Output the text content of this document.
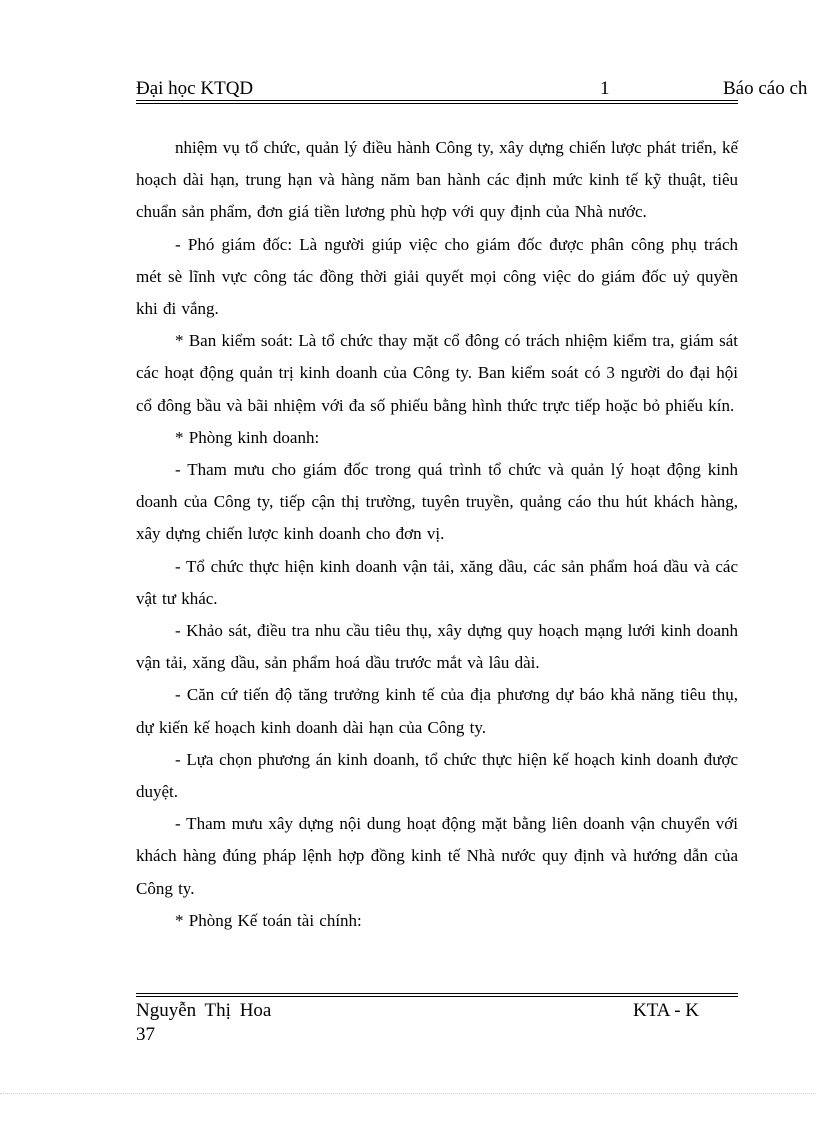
Đại học KTQD	1	Báo cáo ch

nhiệm vụ tổ chức, quản lý điều hành Công ty, xây dựng chiến lược phát triển, kế hoạch dài hạn, trung hạn và hàng năm ban hành các định mức kinh tế kỹ thuật, tiêu chuẩn sản phẩm, đơn giá tiền lương phù hợp với quy định của Nhà nước.

- Phó giám đốc: Là người giúp việc cho giám đốc được phân công phụ trách mét sè lĩnh vực công tác đồng thời giải quyết mọi công việc do giám đốc uỷ quyền khi đi vắng.

* Ban kiểm soát: Là tổ chức thay mặt cổ đông có trách nhiệm kiểm tra, giám sát các hoạt động quản trị kinh doanh của Công ty. Ban kiểm soát có 3 người do đại hội cổ đông bầu và bãi nhiệm với đa số phiếu bằng hình thức trực tiếp hoặc bỏ phiếu kín.

* Phòng kinh doanh:

- Tham mưu cho giám đốc trong quá trình tổ chức và quản lý hoạt động kinh doanh của Công ty, tiếp cận thị trường, tuyên truyền, quảng cáo thu hút khách hàng, xây dựng chiến lược kinh doanh cho đơn vị.

- Tổ chức thực hiện kinh doanh vận tải, xăng dầu, các sản phẩm hoá dầu và các vật tư khác.

- Khảo sát, điều tra nhu cầu tiêu thụ, xây dựng quy hoạch mạng lưới kinh doanh vận tải, xăng dầu, sản phẩm hoá dầu trước mắt và lâu dài.

- Căn cứ tiến độ tăng trưởng kinh tế của địa phương dự báo khả năng tiêu thụ, dự kiến kế hoạch kinh doanh dài hạn của Công ty.

- Lựa chọn phương án kinh doanh, tổ chức thực hiện kế hoạch kinh doanh được duyệt.

- Tham mưu xây dựng nội dung hoạt động mặt bằng liên doanh vận chuyển với khách hàng đúng pháp lệnh hợp đồng kinh tế Nhà nước quy định và hướng dẫn của Công ty.

* Phòng Kế toán tài chính:

Nguyễn Thị Hoa	KTA - K
37
